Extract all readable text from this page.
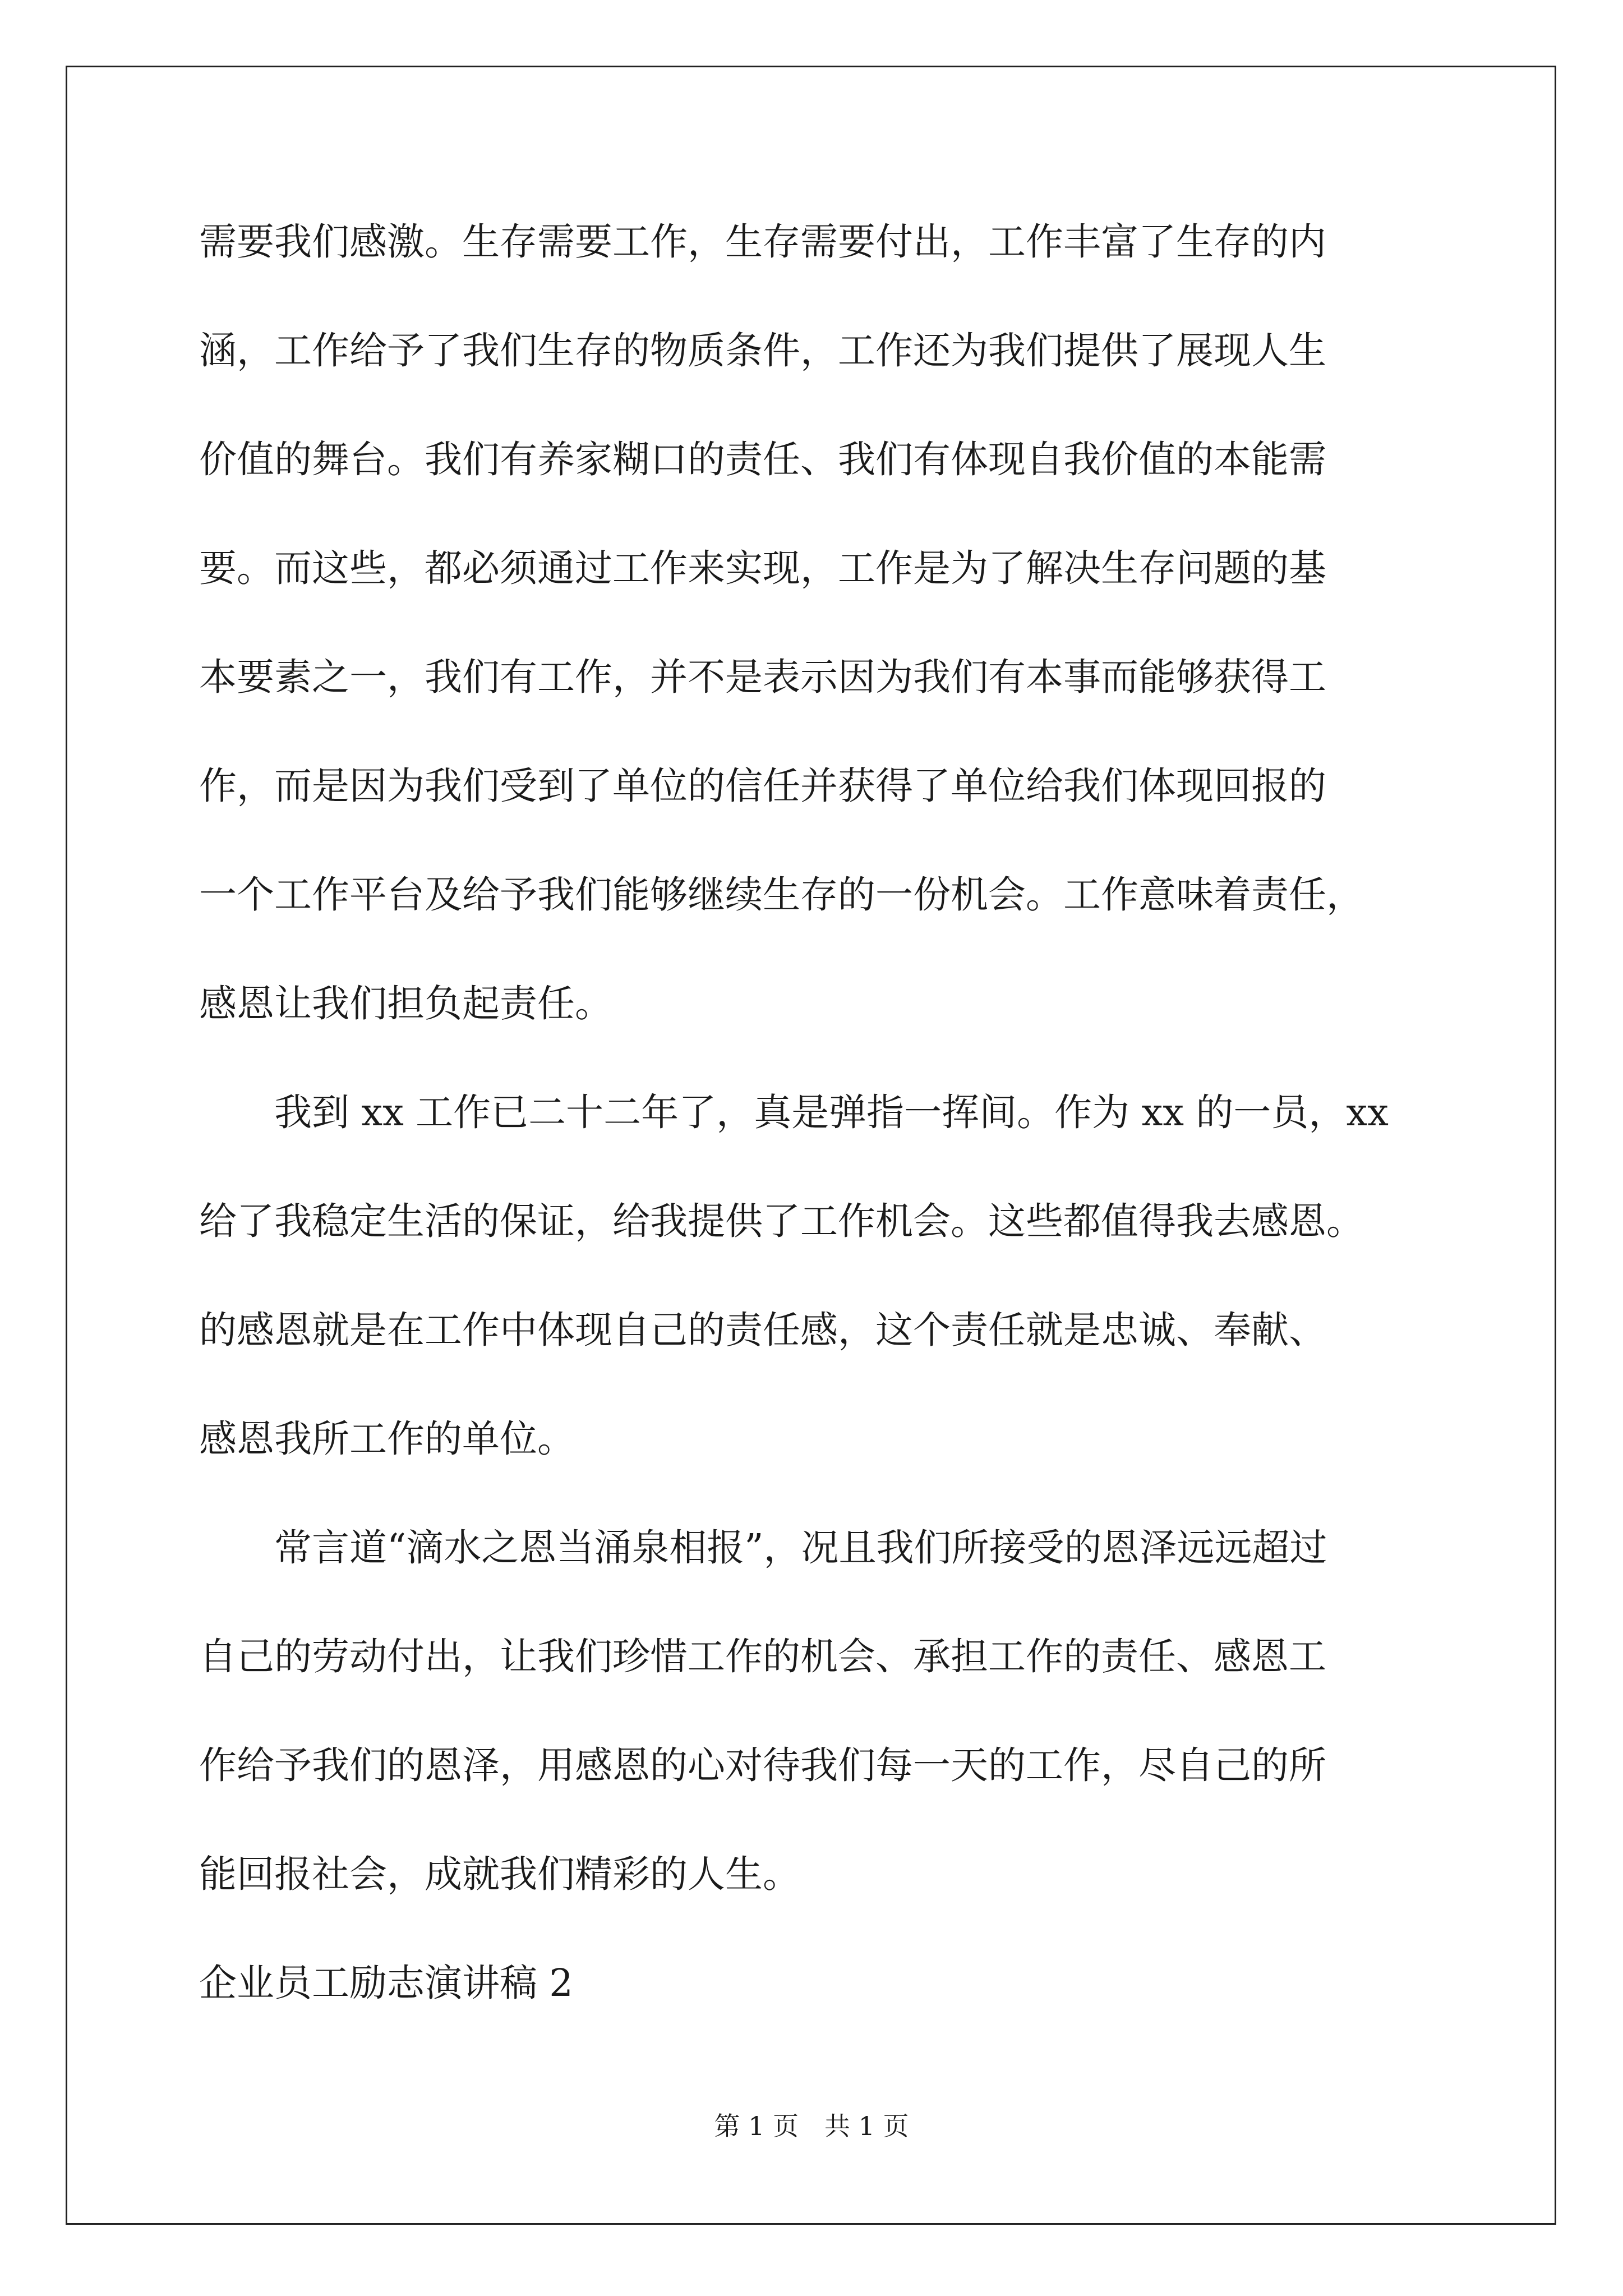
需要我们感激。生存需要工作，生存需要付出，工作丰富了生存的内
涵，工作给予了我们生存的物质条件，工作还为我们提供了展现人生
价值的舞台。我们有养家糊口的责任、我们有体现自我价值的本能需
要。而这些，都必须通过工作来实现，工作是为了解决生存问题的基
本要素之一，我们有工作，并不是表示因为我们有本事而能够获得工
作，而是因为我们受到了单位的信任并获得了单位给我们体现回报的
一个工作平台及给予我们能够继续生存的一份机会。工作意味着责任，
感恩让我们担负起责任。
　　我到 xx 工作已二十二年了，真是弹指一挥间。作为 xx 的一员，xx
给了我稳定生活的保证，给我提供了工作机会。这些都值得我去感恩。
的感恩就是在工作中体现自己的责任感，这个责任就是忠诚、奉献、
感恩我所工作的单位。
　　常言道“滴水之恩当涌泉相报”，况且我们所接受的恩泽远远超过
自己的劳动付出，让我们珍惜工作的机会、承担工作的责任、感恩工
作给予我们的恩泽，用感恩的心对待我们每一天的工作，尽自己的所
能回报社会，成就我们精彩的人生。
企业员工励志演讲稿 2
第 1 页　共 1 页
